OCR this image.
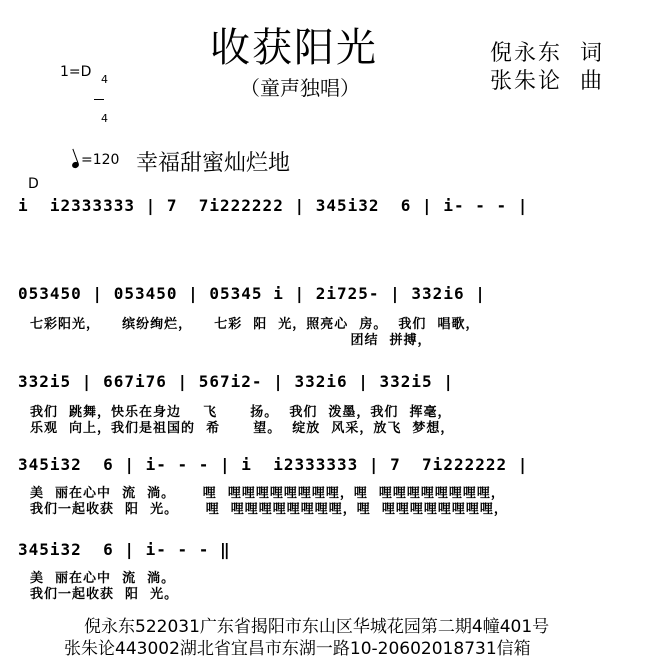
收获阳光
（童声独唱）
倪永东  词
张朱论  曲
1=D 4

4

=120 幸福甜蜜灿烂地
D
i  i2333333 | 7  7i222222 | 345i32  6 | i- - - |
053450 | 053450 | 05345 i | 2i725- | 332i6 |
七彩阳光，    缤纷绚烂，    七彩  阳  光，照亮心  房。  我们  唱歌，
团结  拼搏，
332i5 | 667i76 | 567i2- | 332i6 | 332i5 |
我们  跳舞，快乐在身边    飞      扬。  我们  泼墨，我们  挥毫，
乐观  向上，我们是祖国的  希      望。  绽放  风采，放飞  梦想，
345i32  6 | i- - - | i  i2333333 | 7  7i222222 |
美  丽在心中  流  淌。     哩  哩哩哩哩哩哩哩哩，哩  哩哩哩哩哩哩哩哩，
我们一起收获  阳  光。     哩  哩哩哩哩哩哩哩哩，哩  哩哩哩哩哩哩哩哩，
345i32  6 | i- - - ‖
美  丽在心中  流  淌。
我们一起收获  阳  光。
倪永东522031广东省揭阳市东山区华城花园第二期4幢401号
张朱论443002湖北省宜昌市东湖一路10-20602018731信箱
